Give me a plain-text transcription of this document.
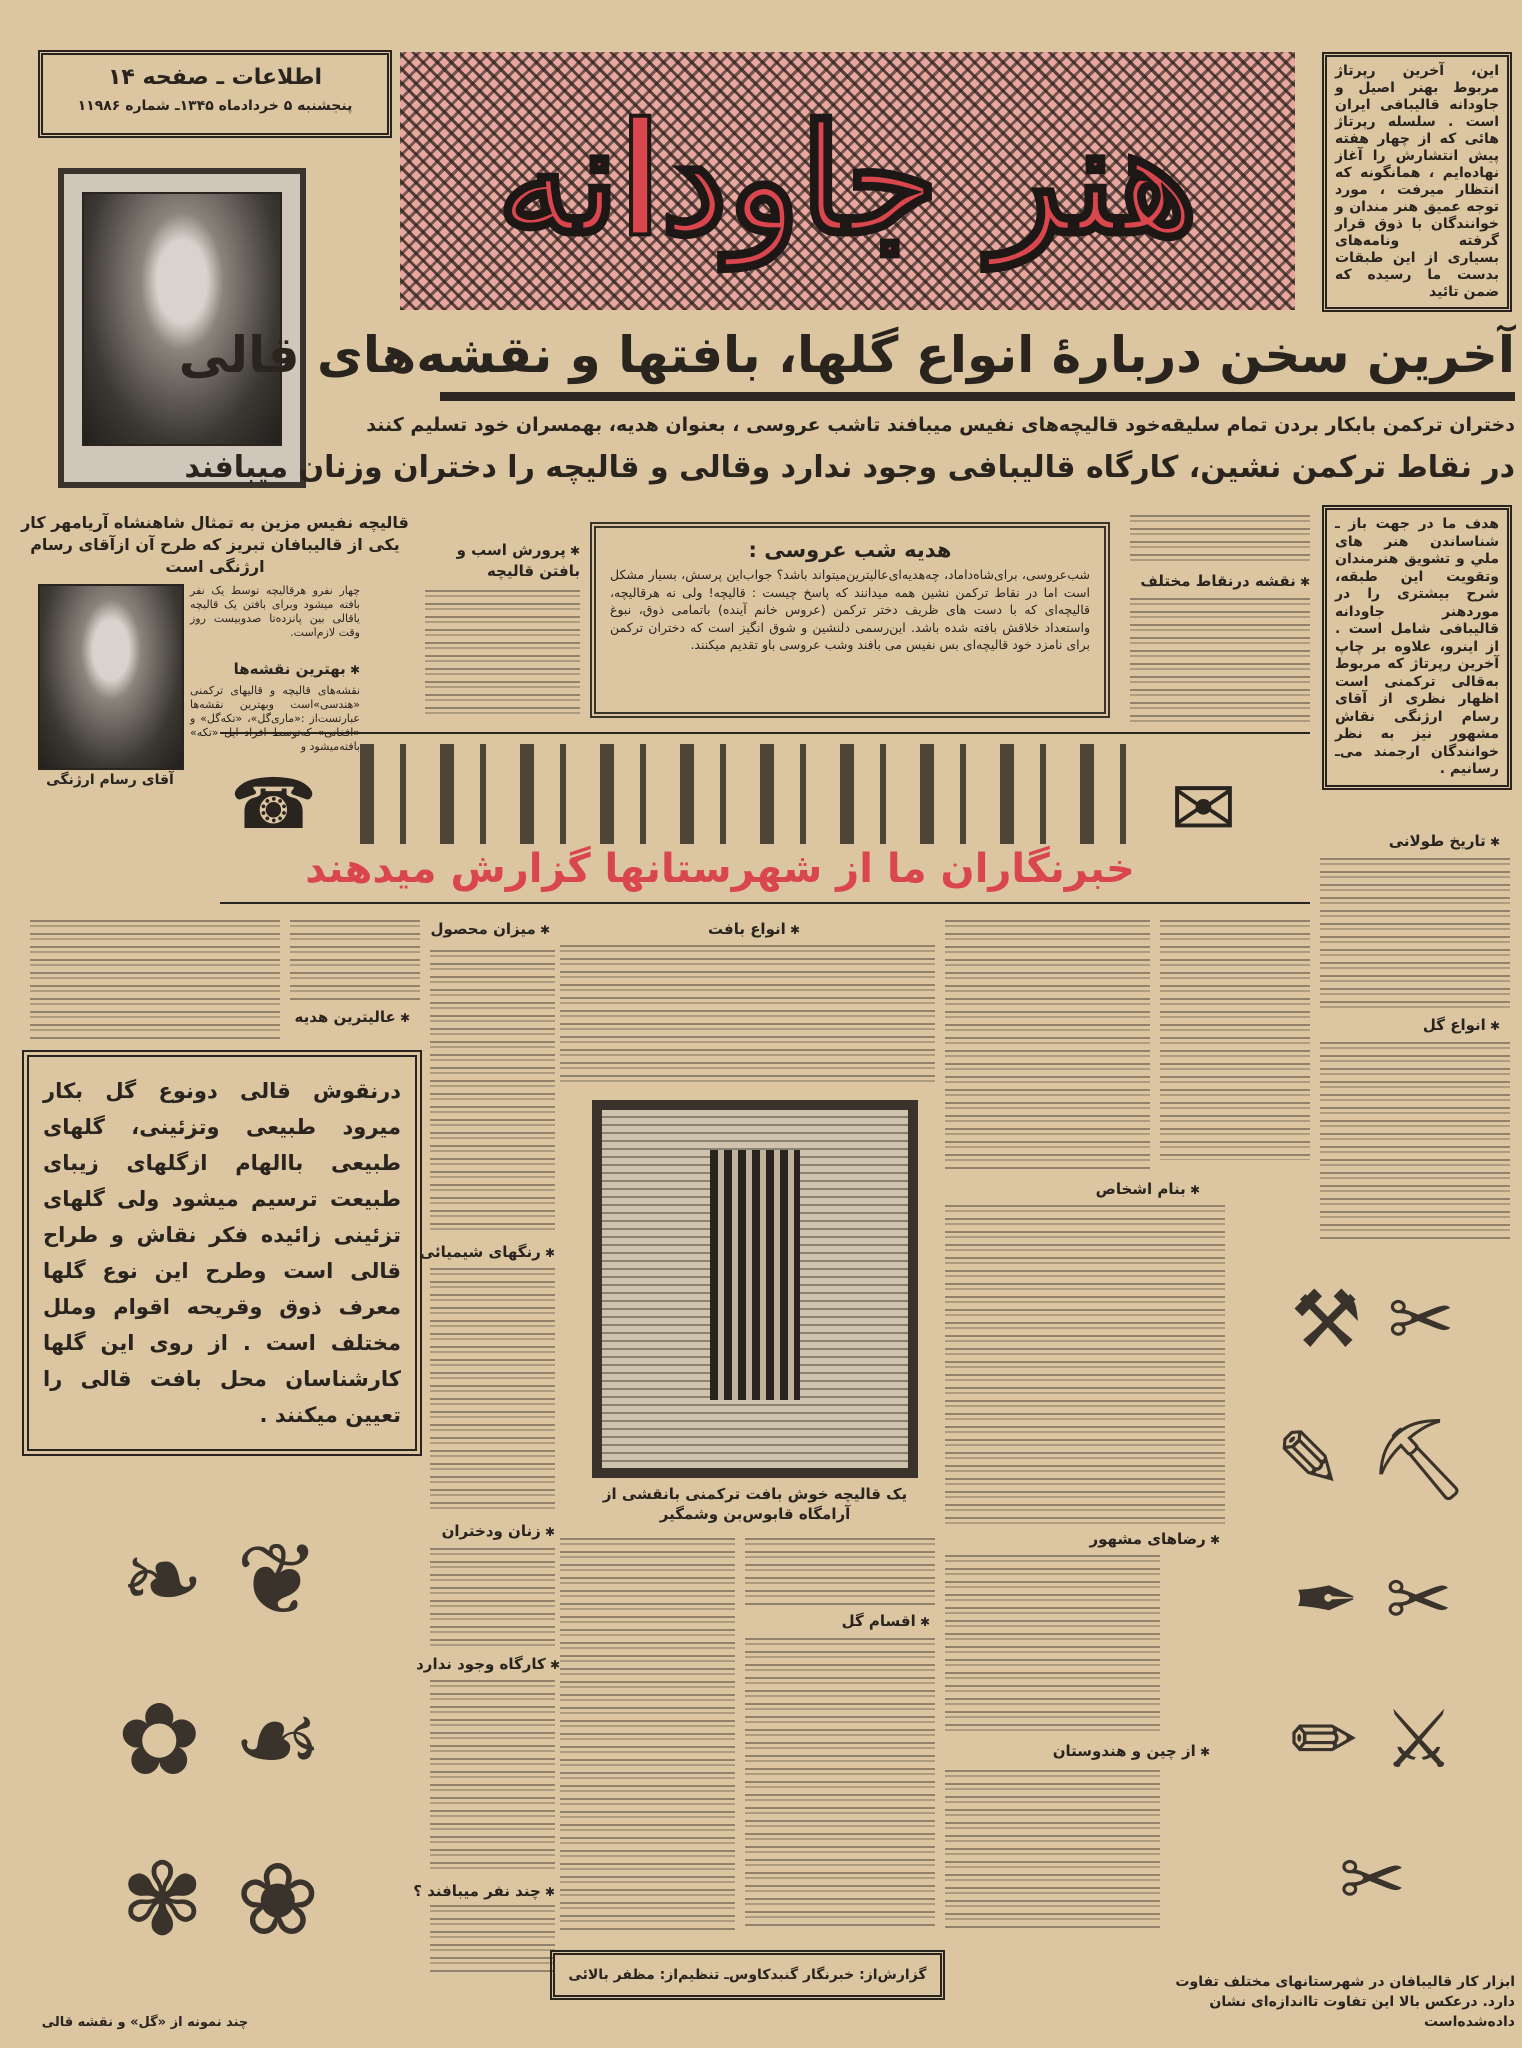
اطلاعات ـ صفحه ۱۴
پنجشنبه ۵ خردادماه ۱۳۴۵ـ شماره ۱۱۹۸۶ هنر جاودانه
این، آخرین رپرتاژ مربوط بهنر اصیل و جاودانه قالیبافی ایران است . سلسله رپرتاژ هائی که از چهار هفته پیش انتشارش را آغاز نهاده‌ایم ، همانگونه که انتظار میرفت ، مورد توجه عمیق هنر مندان و خوانندگان با ذوق قرار گرفته ونامه‌های بسیاری از این طبقات بدست ما رسیده که ضمن تائید
قالیچه نفیس مزین به تمثال شاهنشاه آریامهر کار یکی از قالیبافان تبریز که طرح آن ازآقای رسام ارژنگی است
آقای رسام ارژنگی
چهار نفرو هرقالیچه توسط یک نفر بافته میشود وبرای بافتن یک قالیچه یاقالی بین پانزده‌تا صدوبیست روز وقت لازم‌است.
✱ بهترین نقشه‌ها
نقشه‌های قالیچه و قالیهای ترکمنی «هندسی»است وبهترین نقشه‌ها عبارتست‌از :«ماری‌گل»، «تکه‌گل» و «افغانی» که‌توسط افراد ایل «تکه» بافته‌میشود و
✱ پرورش اسب و بافتن قالیچه
آخرین سخن دربارهٔ انواع گلها، بافتها و نقشه‌های قالی
دختران ترکمن بابکار بردن تمام سلیقه‌خود قالیچه‌های نفیس میبافند تاشب عروسی ، بعنوان هدیه، بهمسران خود تسلیم کنند
در نقاط ترکمن نشین، کارگاه قالیبافی وجود ندارد وقالی و قالیچه را دختران وزنان میبافند
هدف ما در جهت باز ـ شناساندن هنر های ملي و تشویق هنرمندان وتقویت این طبقه، شرح بیشتری را در موردهنر جاودانه قالیبافی شامل است . از اینرو، علاوه بر چاپ آخرین رپرتاژ که مربوط به‌قالی ترکمنی است اظهار نظری از آقای رسام ارژنگی نقاش مشهور نیز به نظر خوانندگان ارجمند می‌ـ رسانیم .
✱ نقشه درنقاط مختلف
هدیه شب عروسی :
شب‌عروسی، برای‌شاه‌داماد، چه‌هدیه‌ای‌عالیترین‌میتواند باشد؟ جواب‌این پرسش، بسیار مشکل است اما در نقاط ترکمن نشین همه میدانند که پاسخ چیست : قالیچه! ولی نه هرقالیچه، قالیچه‌ای که با دست های ظریف دختر ترکمن (عروس خانم آینده) باتمامی ذوق، نبوغ واستعداد خلاقش بافته شده باشد. این‌رسمی دلنشین و شوق انگیز است که دختران ترکمن برای نامزد خود قالیچه‌ای بس نفیس می بافند وشب عروسی باو تقدیم میکنند.
☎	✉
خبرنگاران ما از شهرستانها گزارش میدهند
✱ تاریخ طولانی
✱ انواع گل
✱ بنام اشخاص
✱ رضاهای مشهور
✱ از چین و هندوستان
✱ انواع بافت
✱ میزان محصول
✱ عالیترین هدیه
✱ رنگهای شیمیائی
✱ زنان ودختران
✱ کارگاه وجود ندارد
✱ چند نفر میبافند ؟
✱ اقسام گل
یک قالیچه خوش بافت ترکمنی بانقشی از آرامگاه قابوس‌بن وشمگیر
درنقوش قالی دونوع گل بکار میرود طبیعی وتزئینی، گلهای طبیعی باالهام ازگلهای زیبای طبیعت ترسیم میشود ولی گلهای تزئینی زائیده فکر نقاش و طراح قالی است وطرح این نوع گلها معرف ذوق وقریحه اقوام وملل مختلف است . از روی این گلها کارشناسان محل بافت قالی را تعیین میکنند .
❦ ❧
☙ ✿
❀ ✾
چند نمونه از «گل» و نقشه قالی
✂ ⚒
⛏ ✎
✂ ✒
⚔ ✏
✂
ابزار کار قالیبافان در شهرستانهای مختلف تفاوت دارد. درعکس بالا این تفاوت تااندازه‌ای نشان داده‌شده‌است
گزارش‌از: خبرنگار گنبدکاوس‌ـ تنظیم‌از: مظفر بالائی
